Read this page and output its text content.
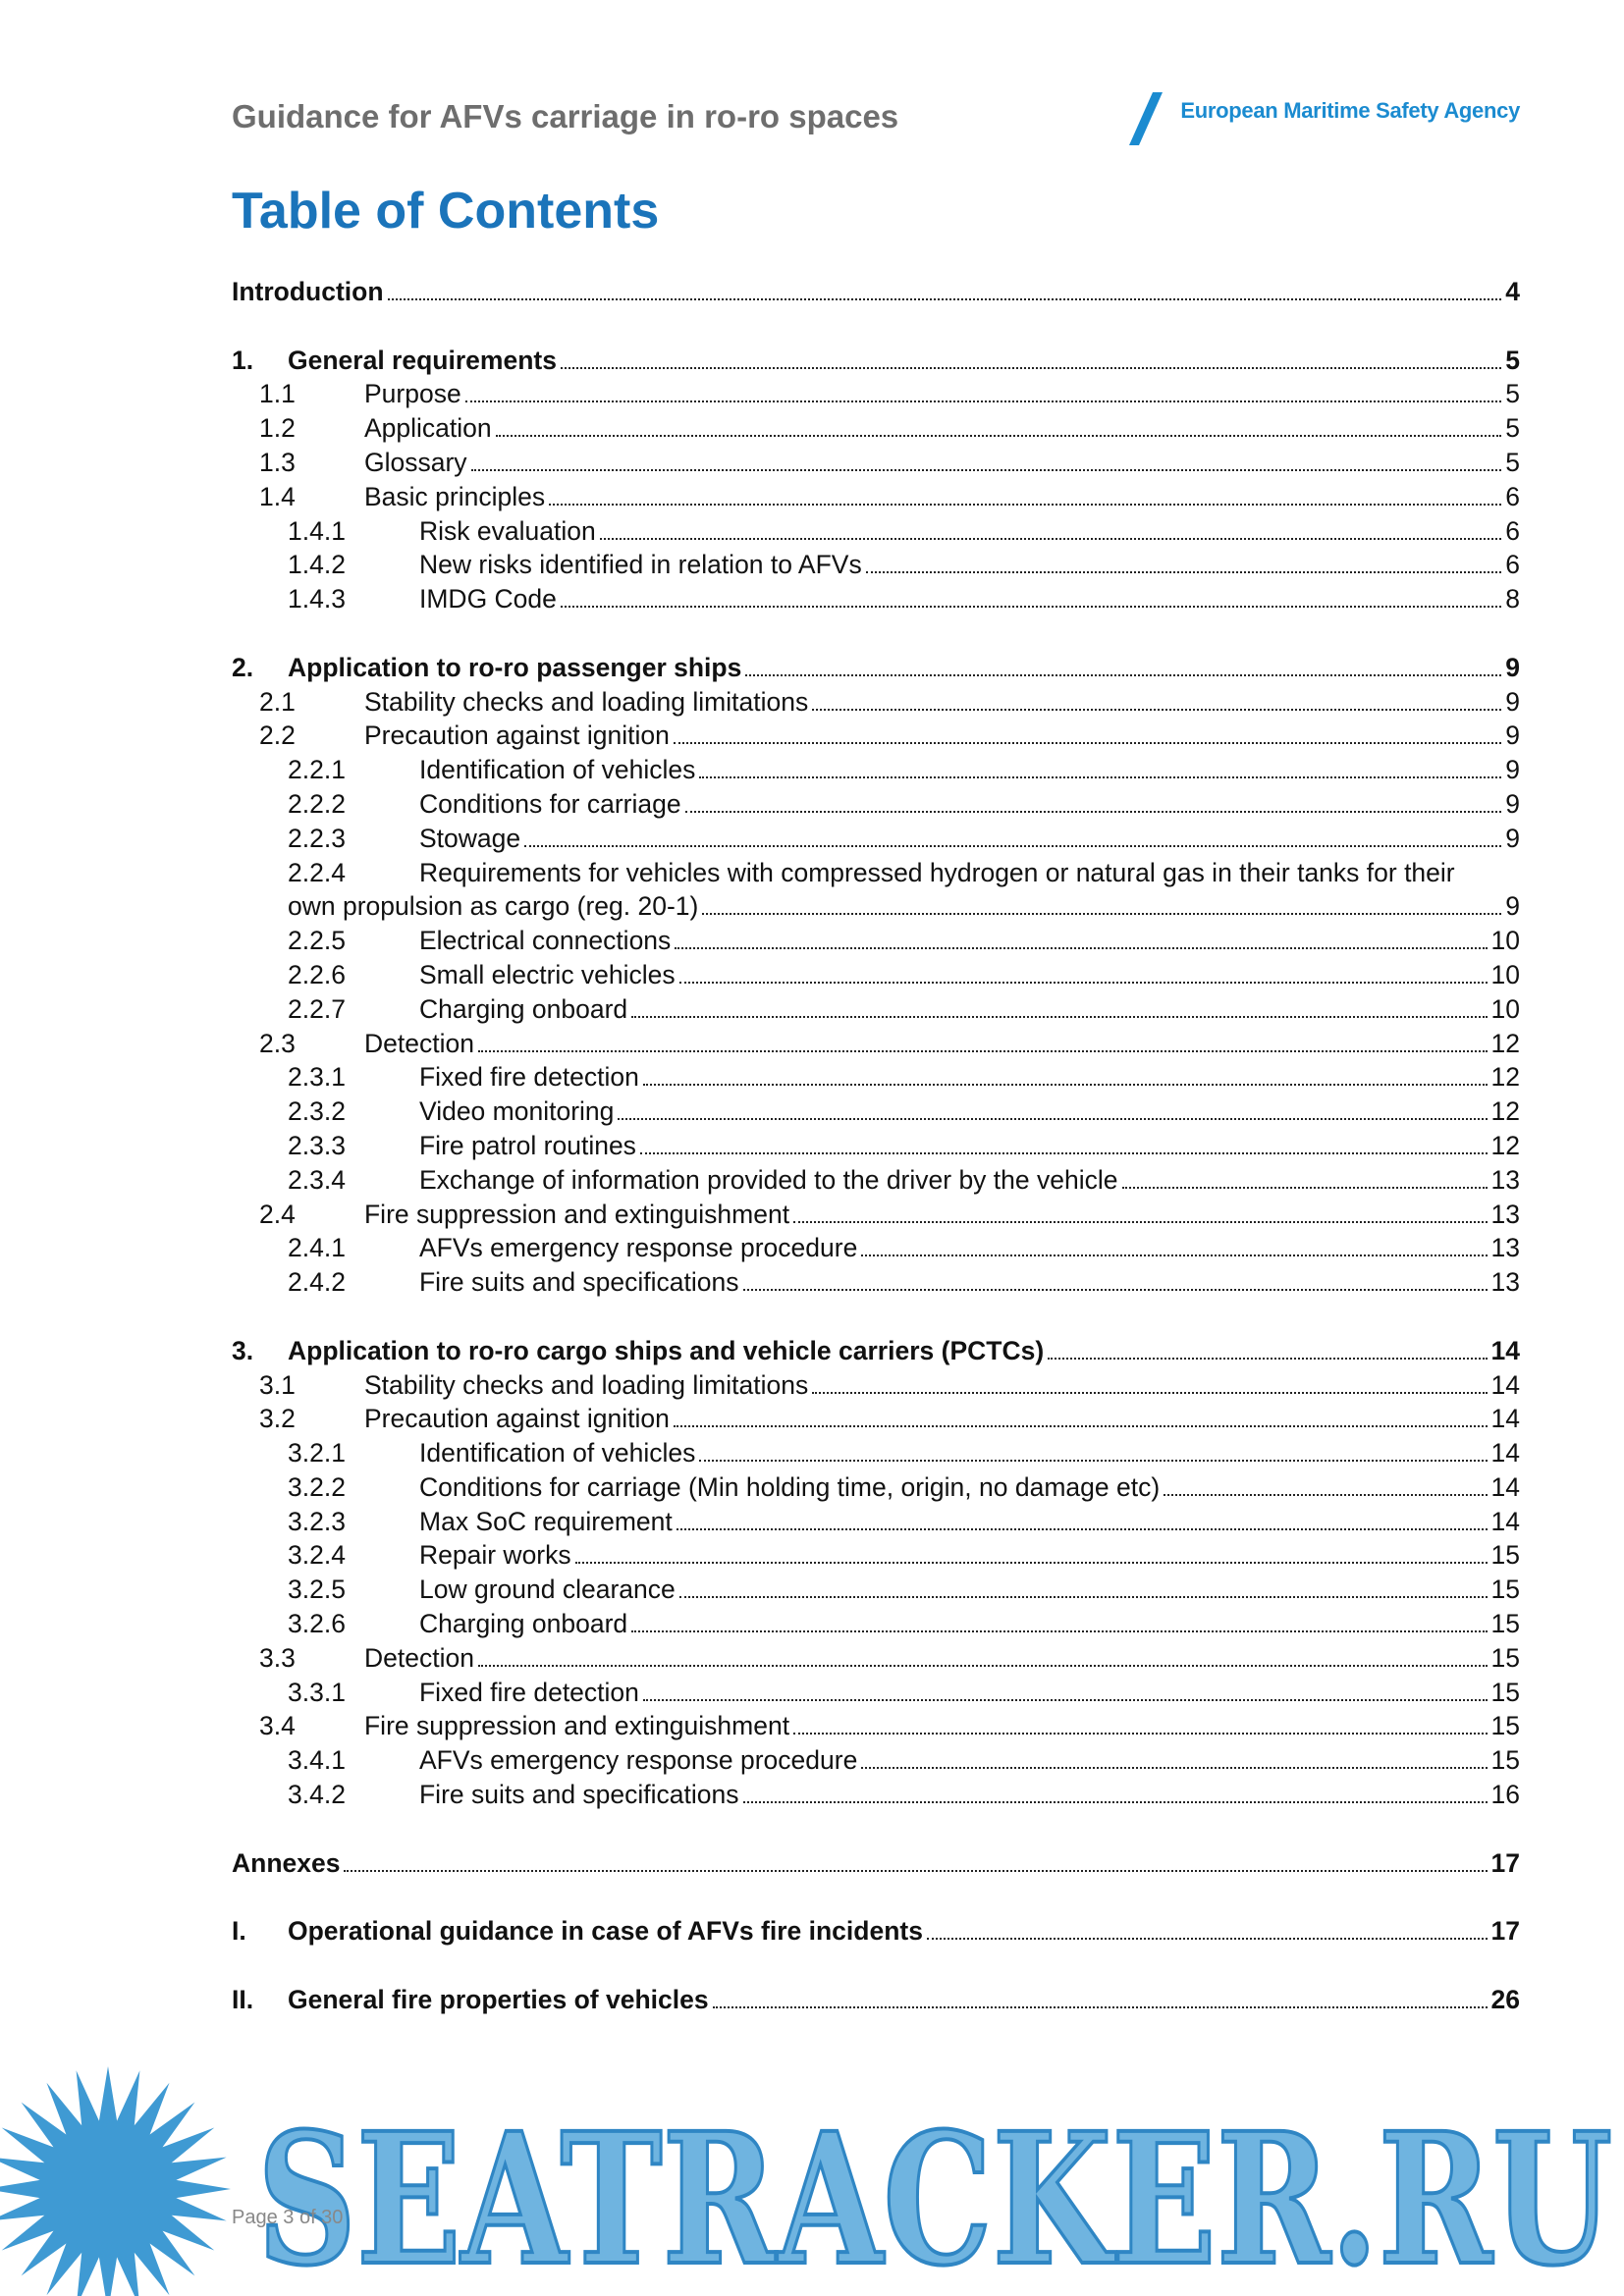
Guidance for AFVs carriage in ro-ro spaces	European Maritime Safety Agency
Table of Contents
Introduction	4
1.	General requirements	5
1.1	Purpose	5
1.2	Application	5
1.3	Glossary	5
1.4	Basic principles	6
1.4.1	Risk evaluation	6
1.4.2	New risks identified in relation to AFVs	6
1.4.3	IMDG Code	8
2.	Application to ro-ro passenger ships	9
2.1	Stability checks and loading limitations	9
2.2	Precaution against ignition	9
2.2.1	Identification of vehicles	9
2.2.2	Conditions for carriage	9
2.2.3	Stowage	9
2.2.4	Requirements for vehicles with compressed hydrogen or natural gas in their tanks for their
own propulsion as cargo (reg. 20-1)	9
2.2.5	Electrical connections	10
2.2.6	Small electric vehicles	10
2.2.7	Charging onboard	10
2.3	Detection	12
2.3.1	Fixed fire detection	12
2.3.2	Video monitoring	12
2.3.3	Fire patrol routines	12
2.3.4	Exchange of information provided to the driver by the vehicle	13
2.4	Fire suppression and extinguishment	13
2.4.1	AFVs emergency response procedure	13
2.4.2	Fire suits and specifications	13
3.	Application to ro-ro cargo ships and vehicle carriers (PCTCs)	14
3.1	Stability checks and loading limitations	14
3.2	Precaution against ignition	14
3.2.1	Identification of vehicles	14
3.2.2	Conditions for carriage (Min holding time, origin, no damage etc)	14
3.2.3	Max SoC requirement	14
3.2.4	Repair works	15
3.2.5	Low ground clearance	15
3.2.6	Charging onboard	15
3.3	Detection	15
3.3.1	Fixed fire detection	15
3.4	Fire suppression and extinguishment	15
3.4.1	AFVs emergency response procedure	15
3.4.2	Fire suits and specifications	16
Annexes	17
I.	Operational guidance in case of AFVs fire incidents	17
II.	General fire properties of vehicles	26
SEATRACKER.RU
Page 3 of 30
